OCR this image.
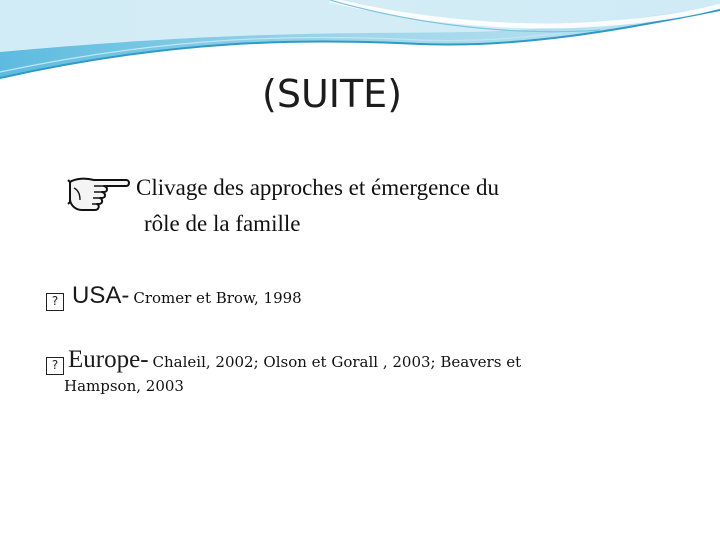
(SUITE)
Clivage des approches et émergence du
rôle de la famille
? USA- Cromer et Brow, 1998
? Europe- Chaleil, 2002; Olson et Gorall , 2003; Beavers et
Hampson, 2003
